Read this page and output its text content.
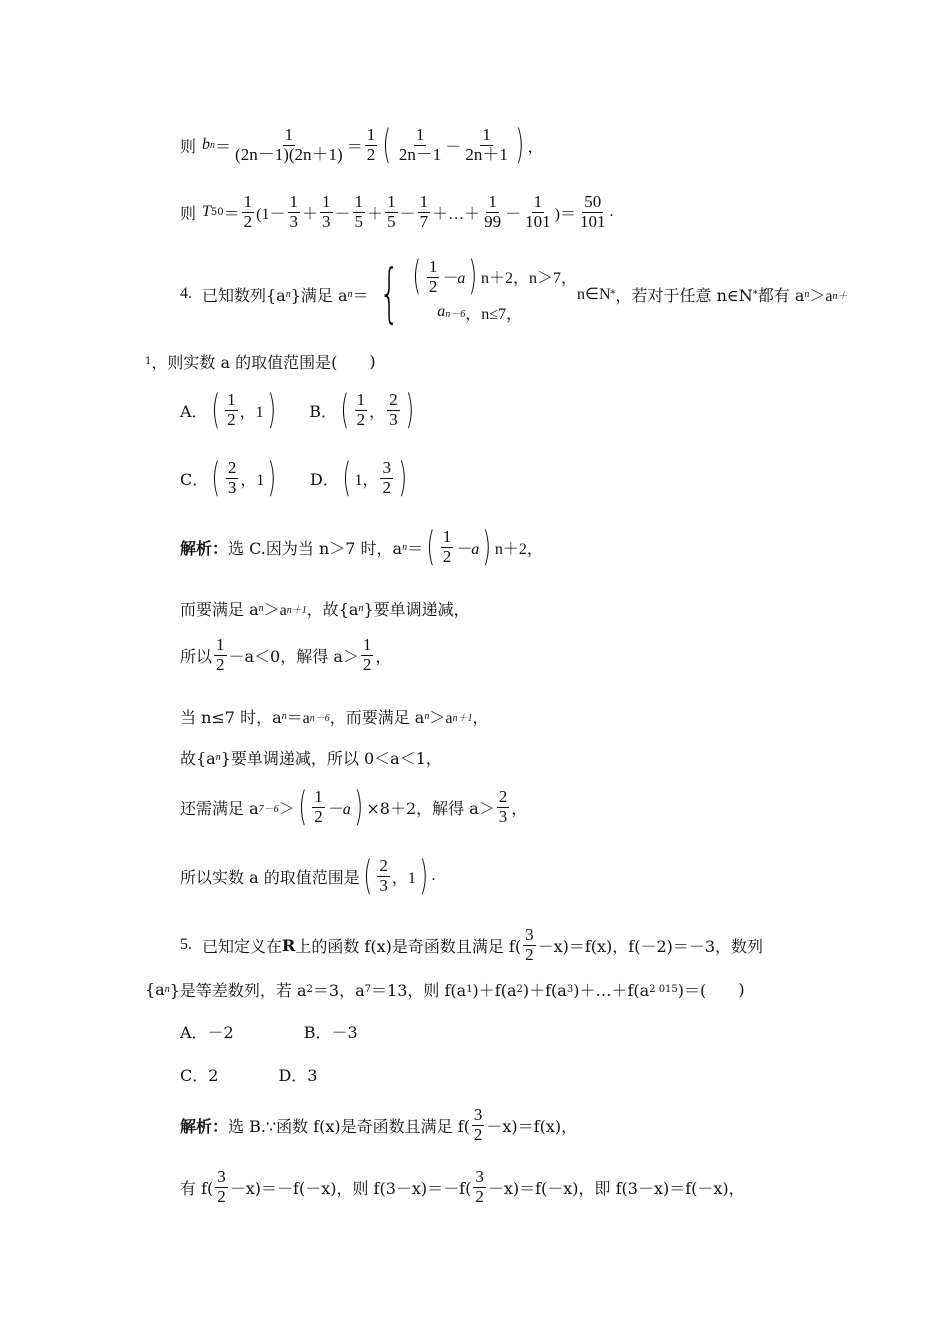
则 b $n = \frac{1}{(2n-1)(2n+1)} = \frac{1}{2}$ ( $\frac{1}{2n-1} - \frac{1}{2n+1}$ ) ，
则 T $50 = \frac{1}{2} (1- \frac{1}{3} + \frac{1}{3} - \frac{1}{5} + \frac{1}{5} - \frac{1}{7}$ ＋…＋ $\frac{1}{99} - \frac{1}{101}$ )＝ $\frac{50}{101}$ .
4. 已知数列{a n }满足 a n ＝ { ( $\frac{1}{2} -a$ ) n＋2，n＞7，
a n－6 ，n≤7，
n∈N * ，若对于任意 n∈N * 都有 a n ＞a n＋
1 ，则实数 a 的取值范围是(
　　 )
A． ( $\frac{1}{2}$ ，1 ) B． ( $\frac{1}{2}$ ， $\frac{2}{3}$ )
C． ( $\frac{2}{3}$ ，1 ) D． ( 1， $\frac{3}{2}$ )
解析： 选 C.因为当 n＞7 时，a n ＝ ( $\frac{1}{2} -a$ ) n＋2，
而要满足 a n ＞a n＋1 ，故{a n }要单调递减，
所以 $\frac{1}{2} -a<0$，解得 $a> \frac{1}{2}$ ，
当 n≤7 时，a n ＝a n－6 ，而要满足 a n ＞a n＋1 ，
故{a n }要单调递减，所以 0＜a＜1，
还需满足 a 7－6 ＞ ( $\frac{1}{2} -a$ ) ×8＋2，解得 $a> \frac{2}{3}$ ，
所以实数 a 的取值范围是 ( $\frac{2}{3}$ ，1 ) .
5. 已知定义在 R 上的函数 f(x)是奇函数且满足 $f( \frac{3}{2} -x)=f(x)$，f(－2)＝－3，数列
{a n }是等差数列，若 a 2 ＝3，a 7 ＝13，则 f(a 1 )＋f(a 2 )＋f(a 3 )＋…＋f(a 2 015 )＝(
　　 )
A．－2	B．－3
C．2	D．3
解析： 选 B.∵函数 f(x)是奇函数且满足 $f( \frac{3}{2} -x)=f(x)$，
有 $f( \frac{3}{2} -x)=-f(-x)$，则 $f(3-x)=-f( \frac{3}{2} -x)=f(-x)$，即 f(3－x)＝f(－x)，
